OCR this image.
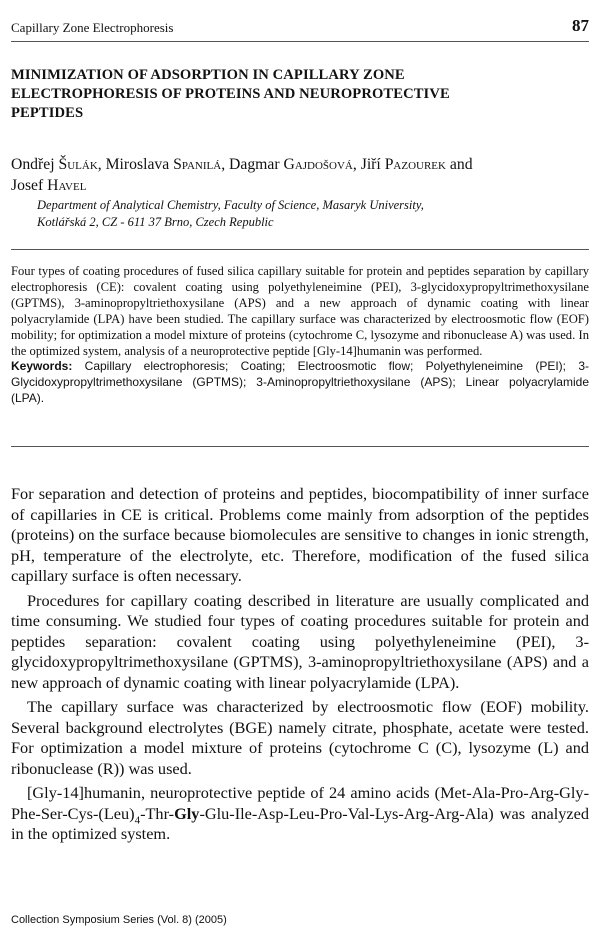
Capillary Zone Electrophoresis	87
MINIMIZATION OF ADSORPTION IN CAPILLARY ZONE
ELECTROPHORESIS OF PROTEINS AND NEUROPROTECTIVE
PEPTIDES
Ondřej Šulák, Miroslava Spanilá, Dagmar Gajdošová, Jiří Pazourek and
Josef Havel
Department of Analytical Chemistry, Faculty of Science, Masaryk University,
Kotlářská 2, CZ - 611 37 Brno, Czech Republic
Four types of coating procedures of fused silica capillary suitable for protein and peptides separation by capillary electrophoresis (CE): covalent coating using polyethyleneimine (PEI), 3-glycidoxypropyltrimethoxysilane (GPTMS), 3-aminopropyltriethoxysilane (APS) and a new approach of dynamic coating with linear polyacrylamide (LPA) have been studied. The capillary surface was characterized by electroosmotic flow (EOF) mobility; for optimization a model mixture of proteins (cytochrome C, lysozyme and ribonuclease A) was used. In the optimized system, analysis of a neuroprotective peptide [Gly-14]humanin was performed.
Keywords: Capillary electrophoresis; Coating; Electroosmotic flow; Polyethyleneimine (PEI); 3-Glycidoxypropyltrimethoxysilane (GPTMS); 3-Aminopropyltriethoxysilane (APS); Linear polyacrylamide (LPA).

For separation and detection of proteins and peptides, biocompatibility of inner surface of capillaries in CE is critical. Problems come mainly from adsorption of the peptides (proteins) on the surface because biomolecules are sensitive to changes in ionic strength, pH, temperature of the electrolyte, etc. Therefore, modification of the fused silica capillary surface is often necessary.

Procedures for capillary coating described in literature are usually complicated and time consuming. We studied four types of coating procedures suitable for protein and peptides separation: covalent coating using polyethyleneimine (PEI), 3-glycidoxypropyltrimethoxysilane (GPTMS), 3-aminopropyltriethoxysilane (APS) and a new approach of dynamic coating with linear polyacrylamide (LPA).

The capillary surface was characterized by electroosmotic flow (EOF) mobility. Several background electrolytes (BGE) namely citrate, phosphate, acetate were tested. For optimization a model mixture of proteins (cytochrome C (C), lysozyme (L) and ribonuclease (R)) was used.

[Gly-14]humanin, neuroprotective peptide of 24 amino acids $(Met-Ala-Pro-Arg-Gly-Phe-Ser-Cys-(Leu)_4-Thr-Gly-Glu-Ile-Asp-Leu-Pro-Val-Lys-Arg-Arg-Ala)$ was analyzed in the optimized system.

Collection Symposium Series (Vol. 8) (2005)
